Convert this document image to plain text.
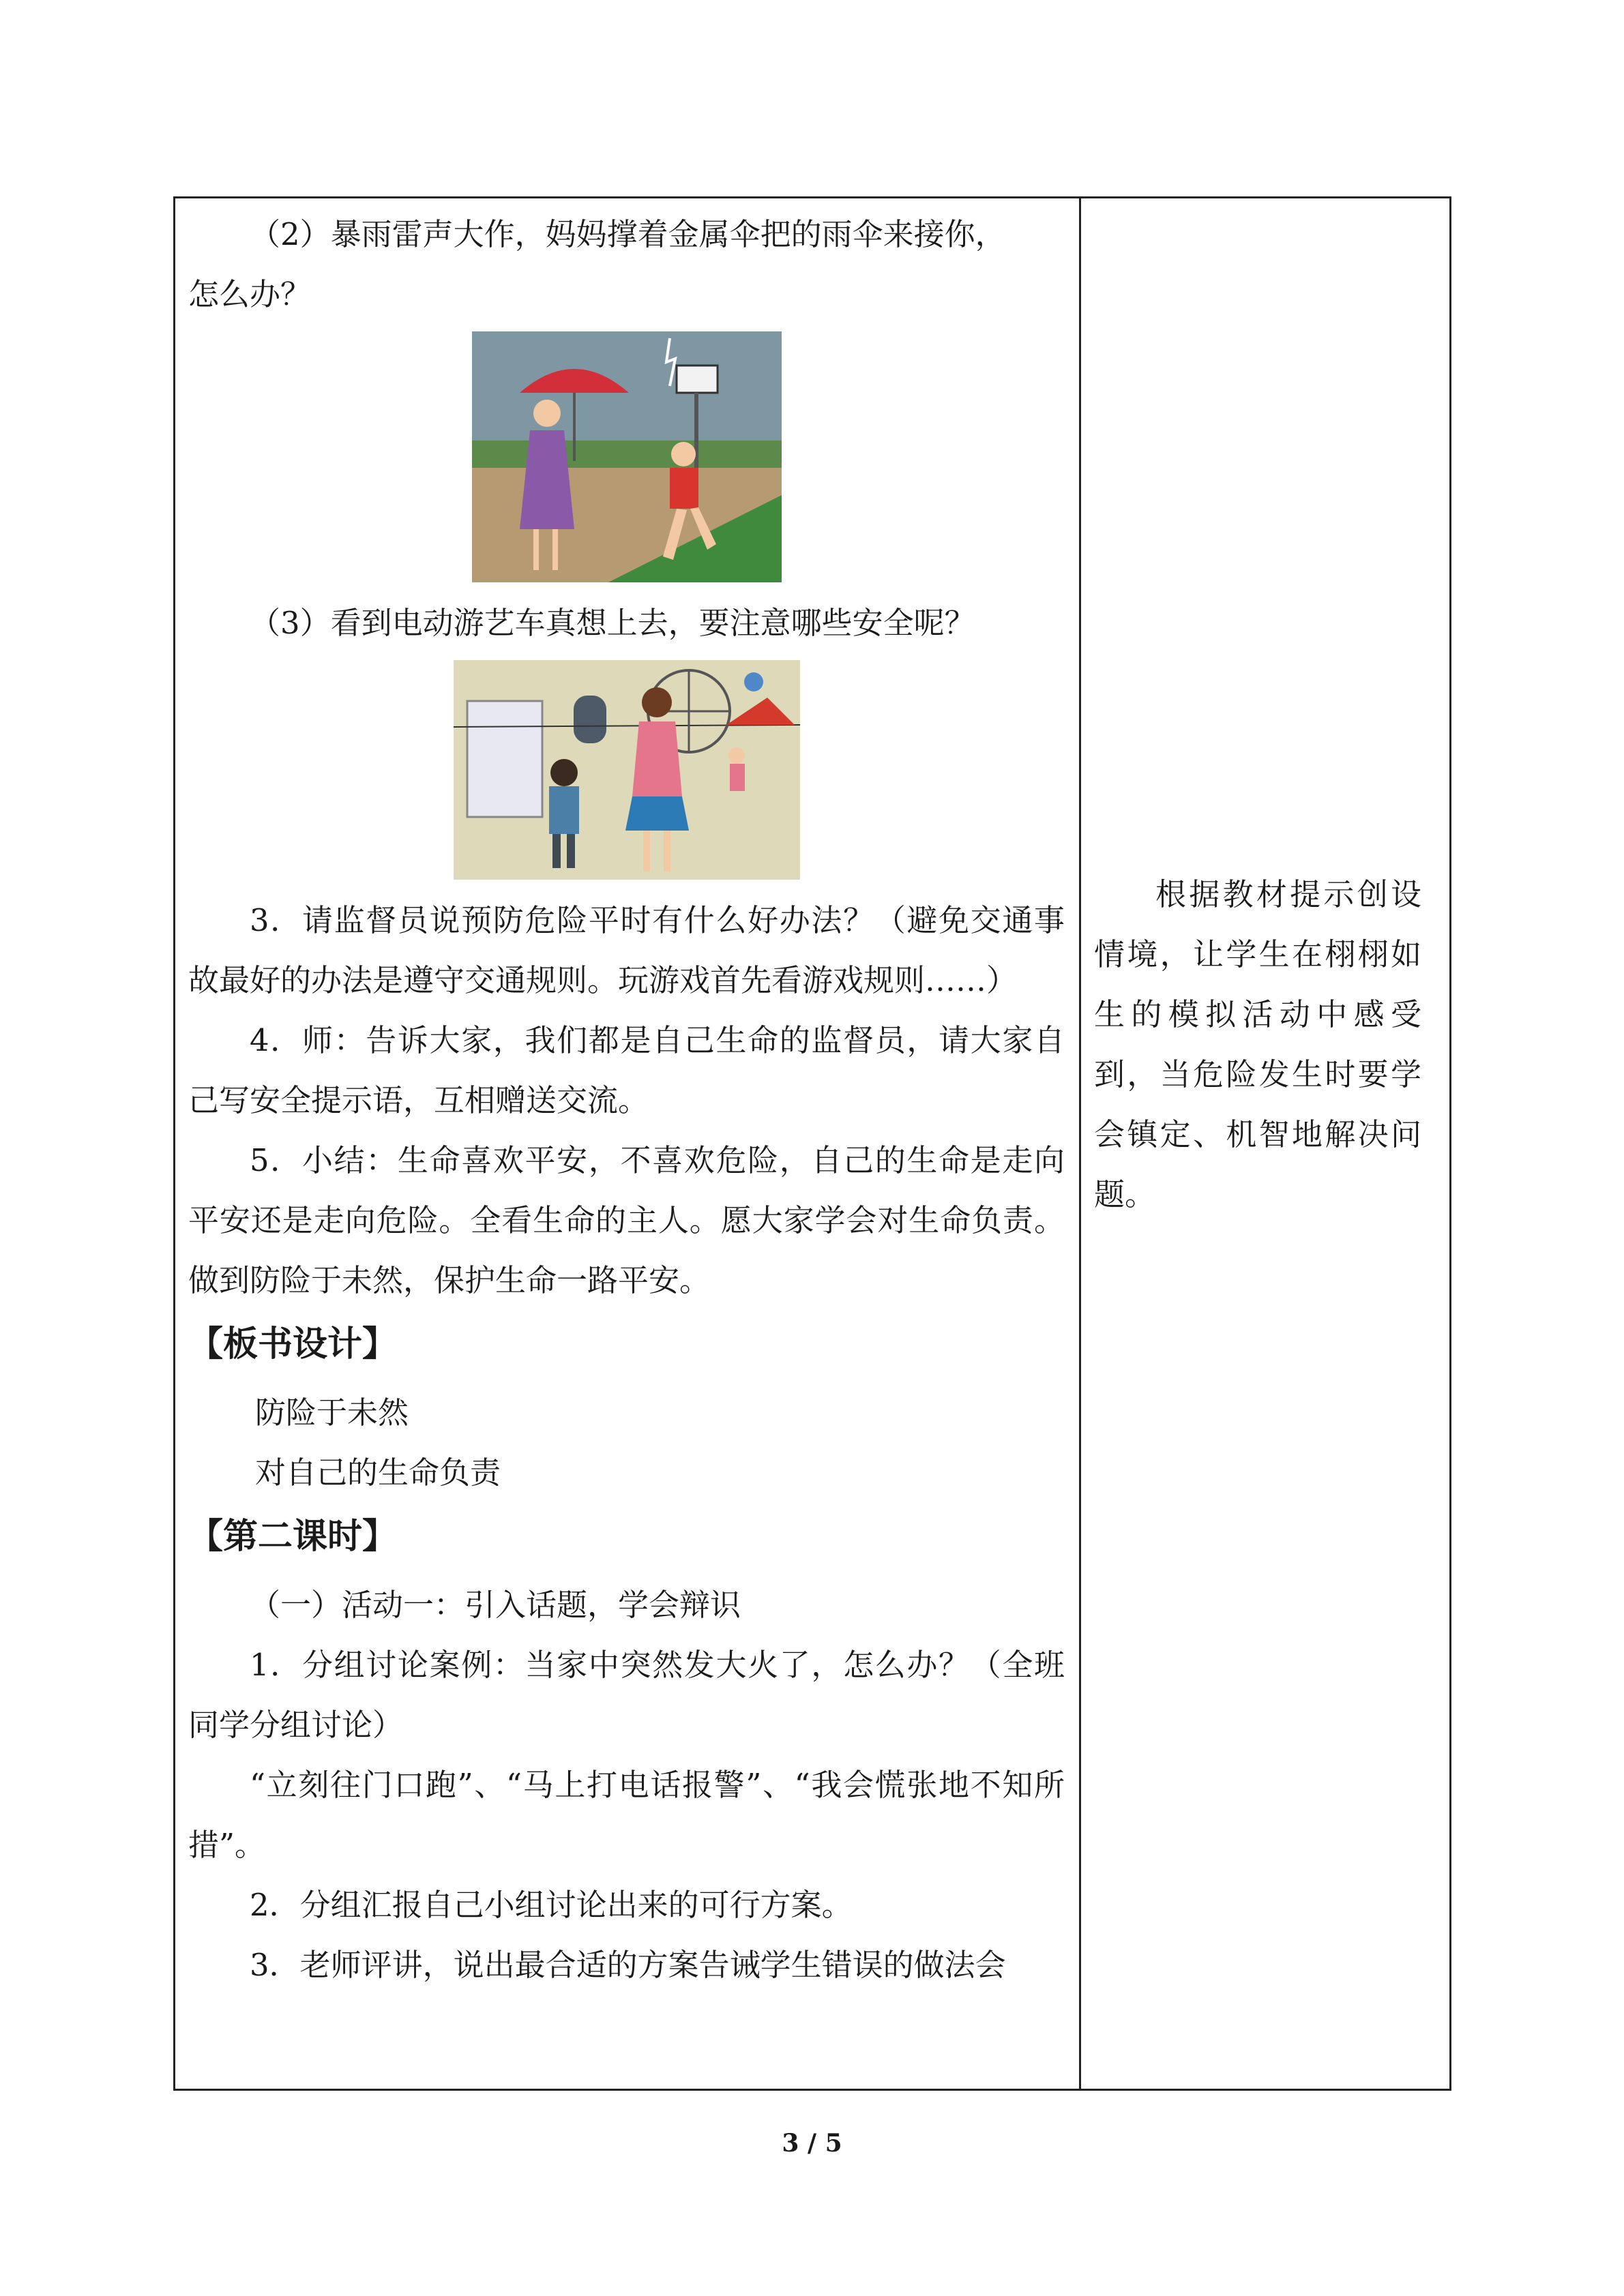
（2）暴雨雷声大作，妈妈撑着金属伞把的雨伞来接你，

怎么办？

（3）看到电动游艺车真想上去，要注意哪些安全呢？

3．请监督员说预防危险平时有什么好办法？（避免交通事故最好的办法是遵守交通规则。玩游戏首先看游戏规则……）

4．师：告诉大家，我们都是自己生命的监督员，请大家自己写安全提示语，互相赠送交流。

5．小结：生命喜欢平安，不喜欢危险，自己的生命是走向平安还是走向危险。全看生命的主人。愿大家学会对生命负责。做到防险于未然，保护生命一路平安。

【板书设计】

防险于未然

对自己的生命负责

【第二课时】

（一）活动一：引入话题，学会辩识

1．分组讨论案例：当家中突然发大火了，怎么办？（全班同学分组讨论）

“立刻往门口跑”、“马上打电话报警”、“我会慌张地不知所措”。

2．分组汇报自己小组讨论出来的可行方案。

3．老师评讲，说出最合适的方案告诫学生错误的做法会

根据教材提示创设情境，让学生在栩栩如生的模拟活动中感受到，当危险发生时要学会镇定、机智地解决问题。

3 / 5
